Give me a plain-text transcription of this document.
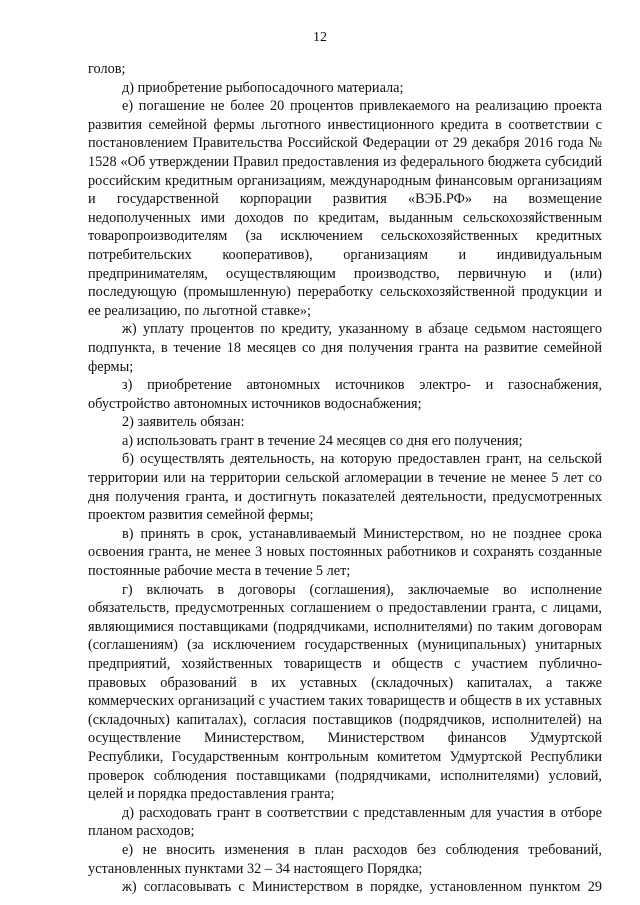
12

голов;

д) приобретение рыбопосадочного материала;

е) погашение не более 20 процентов привлекаемого на реализацию проекта развития семейной фермы льготного инвестиционного кредита в соответствии с постановлением Правительства Российской Федерации от 29 декабря 2016 года № 1528 «Об утверждении Правил предоставления из федерального бюджета субсидий российским кредитным организациям, международным финансовым организациям и государственной корпорации развития «ВЭБ.РФ» на возмещение недополученных ими доходов по кредитам, выданным сельскохозяйственным товаропроизводителям (за исключением сельскохозяйственных кредитных потребительских кооперативов), организациям и индивидуальным предпринимателям, осуществляющим производство, первичную и (или) последующую (промышленную) переработку сельскохозяйственной продукции и ее реализацию, по льготной ставке»;

ж) уплату процентов по кредиту, указанному в абзаце седьмом настоящего подпункта, в течение 18 месяцев со дня получения гранта на развитие семейной фермы;

з) приобретение автономных источников электро- и газоснабжения, обустройство автономных источников водоснабжения;

2) заявитель обязан:

а) использовать грант в течение 24 месяцев со дня его получения;

б) осуществлять деятельность, на которую предоставлен грант, на сельской территории или на территории сельской агломерации в течение не менее 5 лет со дня получения гранта, и достигнуть показателей деятельности, предусмотренных проектом развития семейной фермы;

в) принять в срок, устанавливаемый Министерством, но не позднее срока освоения гранта, не менее 3 новых постоянных работников и сохранять созданные постоянные рабочие места в течение 5 лет;

г) включать в договоры (соглашения), заключаемые во исполнение обязательств, предусмотренных соглашением о предоставлении гранта, с лицами, являющимися поставщиками (подрядчиками, исполнителями) по таким договорам (соглашениям) (за исключением государственных (муниципальных) унитарных предприятий, хозяйственных товариществ и обществ с участием публично-правовых образований в их уставных (складочных) капиталах, а также коммерческих организаций с участием таких товариществ и обществ в их уставных (складочных) капиталах), согласия поставщиков (подрядчиков, исполнителей) на осуществление Министерством, Министерством финансов Удмуртской Республики, Государственным контрольным комитетом Удмуртской Республики проверок соблюдения поставщиками (подрядчиками, исполнителями) условий, целей и порядка предоставления гранта;

д) расходовать грант в соответствии с представленным для участия в отборе планом расходов;

е) не вносить изменения в план расходов без соблюдения требований, установленных пунктами 32 – 34 настоящего Порядка;

ж) согласовывать с Министерством в порядке, установленном пунктом 29
